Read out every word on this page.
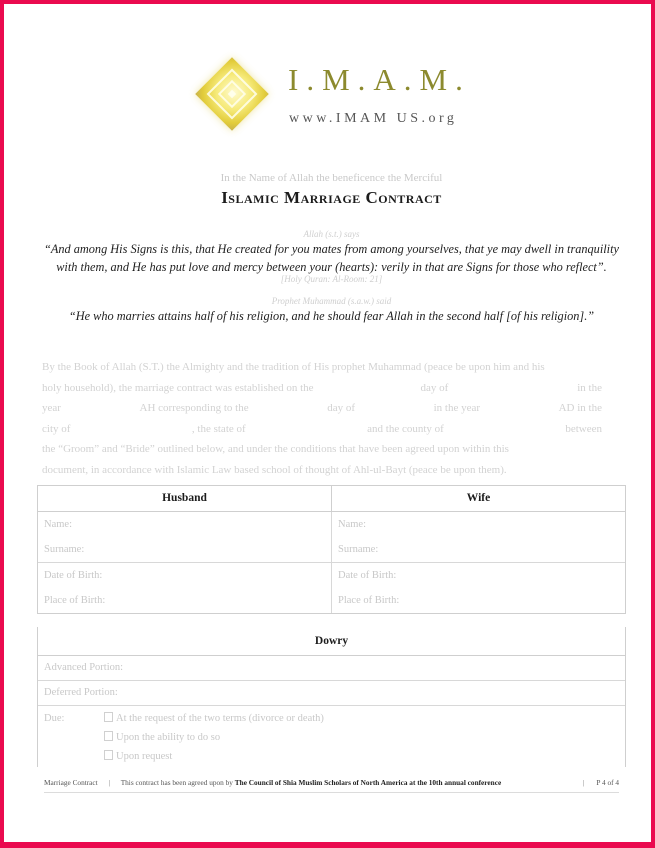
I.M.A.M.
www.IMAM US.org
In the Name of Allah the beneficence the Merciful
Islamic Marriage Contract
Allah (s.t.) says
“And among His Signs is this, that He created for you mates from among yourselves, that ye may dwell in tranquility
with them, and He has put love and mercy between your (hearts): verily in that are Signs for those who reflect”.
[Holy Quran: Al-Room: 21]
Prophet Muhammad (s.a.w.) said
“He who marries attains half of his religion, and he should fear Allah in the second half [of his religion].”
By the Book of Allah (S.T.) the Almighty and the tradition of His prophet Muhammad (peace be upon him and his
holy household), the marriage contract was established on the	day of	in the
year	AH corresponding to the	day of	in the year	AD in the
city of	, the state of	and the county of	between
the “Groom” and “Bride” outlined below, and under the conditions that have been agreed upon within this
document, in accordance with Islamic Law based school of thought of Ahl-ul-Bayt (peace be upon them).
Husband	Wife
Name:	Name:
Surname:	Surname:
Date of Birth:	Date of Birth:
Place of Birth:	Place of Birth:
Dowry
Advanced Portion:
Deferred Portion:
Due:	At the request of the two terms (divorce or death)
Upon the ability to do so
Upon request
Marriage Contract | This contract has been agreed upon by The Council of Shia Muslim Scholars of North America at the 10th annual conference	| P 4 of 4
